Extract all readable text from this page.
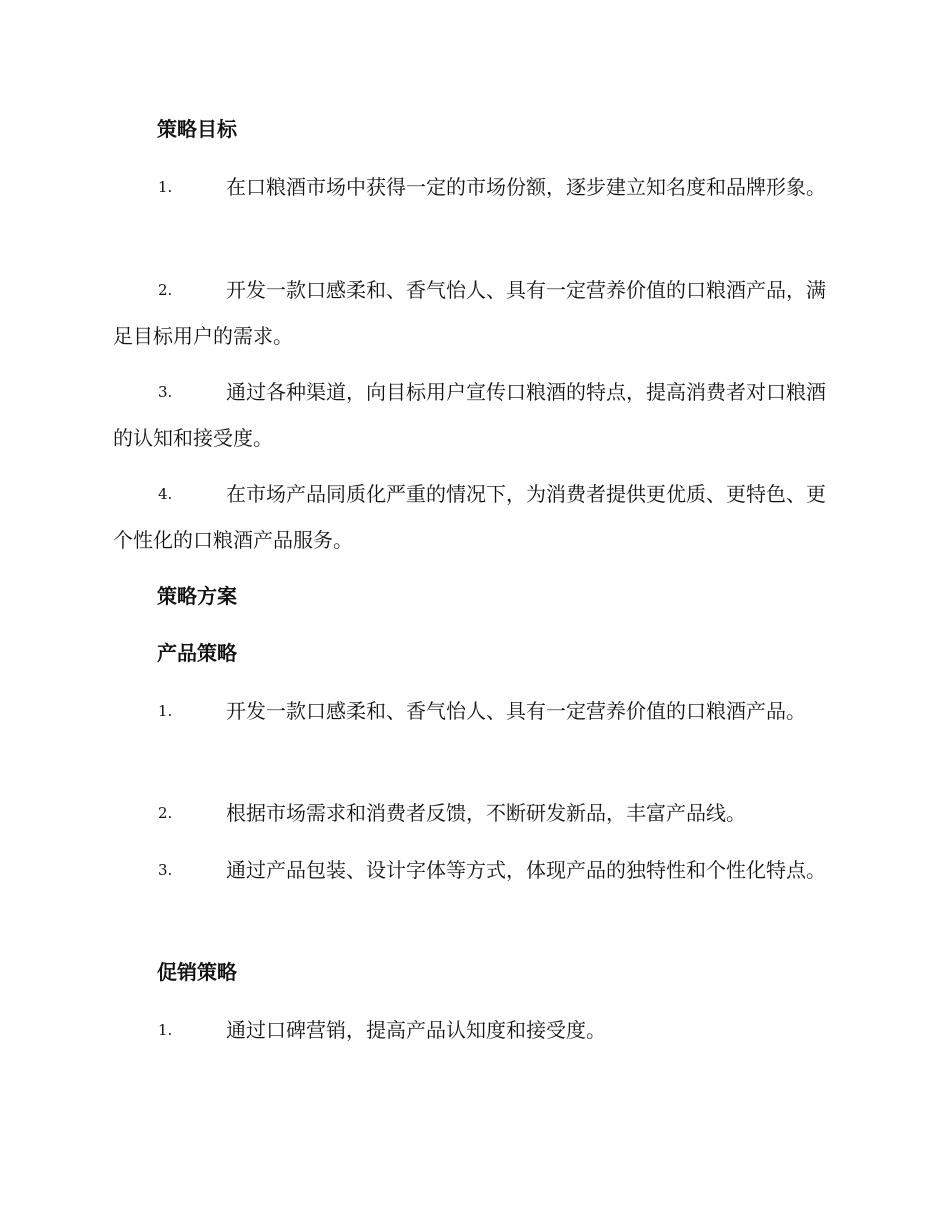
策略目标
1.	在口粮酒市场中获得一定的市场份额，逐步建立知名度和品牌形象。
2.	开发一款口感柔和、香气怡人、具有一定营养价值的口粮酒产品，满足目标用户的需求。
3.	通过各种渠道，向目标用户宣传口粮酒的特点，提高消费者对口粮酒的认知和接受度。
4.	在市场产品同质化严重的情况下，为消费者提供更优质、更特色、更个性化的口粮酒产品服务。
策略方案
产品策略
1.	开发一款口感柔和、香气怡人、具有一定营养价值的口粮酒产品。
2.	根据市场需求和消费者反馈，不断研发新品，丰富产品线。
3.	通过产品包装、设计字体等方式，体现产品的独特性和个性化特点。
促销策略
1.	通过口碑营销，提高产品认知度和接受度。
